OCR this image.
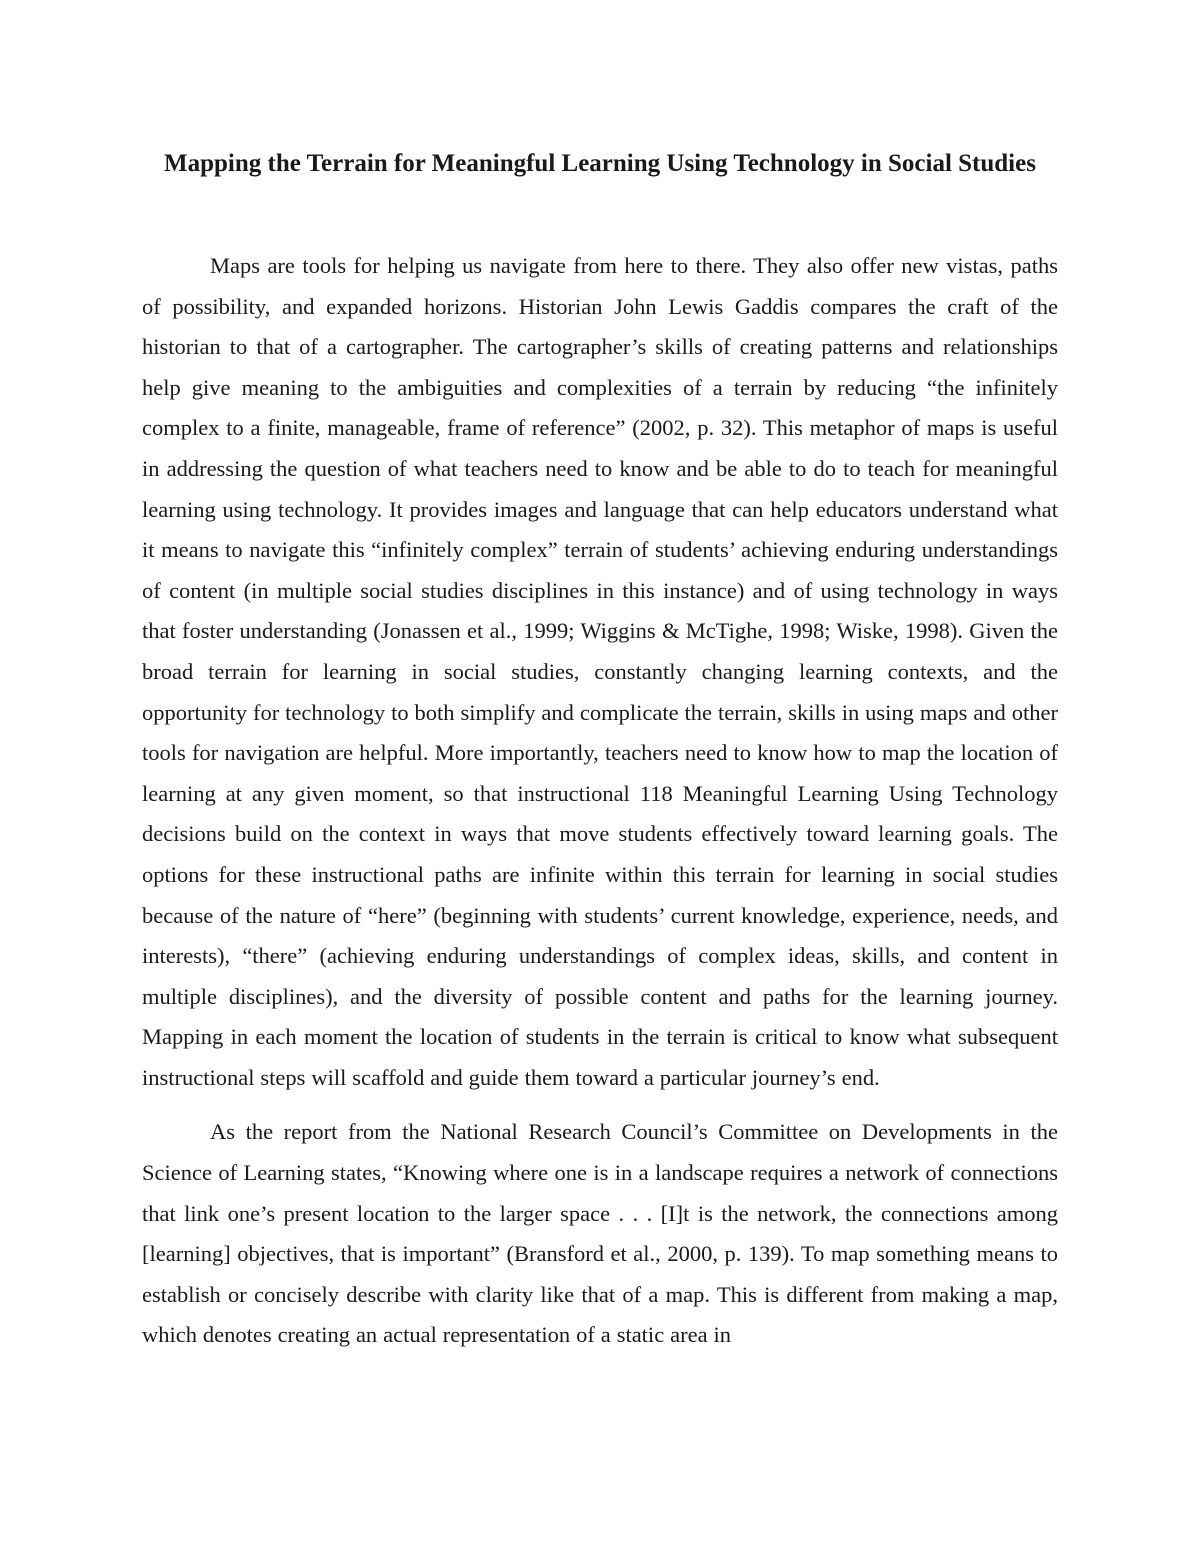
Mapping the Terrain for Meaningful Learning Using Technology in Social Studies

Maps are tools for helping us navigate from here to there. They also offer new vistas, paths of possibility, and expanded horizons. Historian John Lewis Gaddis compares the craft of the historian to that of a cartographer. The cartographer’s skills of creating patterns and relationships help give meaning to the ambiguities and complexities of a terrain by reducing “the infinitely complex to a finite, manageable, frame of reference” (2002, p. 32). This metaphor of maps is useful in addressing the question of what teachers need to know and be able to do to teach for meaningful learning using technology. It provides images and language that can help educators understand what it means to navigate this “infinitely complex” terrain of students’ achieving enduring understandings of content (in multiple social studies disciplines in this instance) and of using technology in ways that foster understanding (Jonassen et al., 1999; Wiggins & McTighe, 1998; Wiske, 1998). Given the broad terrain for learning in social studies, constantly changing learning contexts, and the opportunity for technology to both simplify and complicate the terrain, skills in using maps and other tools for navigation are helpful. More importantly, teachers need to know how to map the location of learning at any given moment, so that instructional 118 Meaningful Learning Using Technology decisions build on the context in ways that move students effectively toward learning goals. The options for these instructional paths are infinite within this terrain for learning in social studies because of the nature of “here” (beginning with students’ current knowledge, experience, needs, and interests), “there” (achieving enduring understandings of complex ideas, skills, and content in multiple disciplines), and the diversity of possible content and paths for the learning journey. Mapping in each moment the location of students in the terrain is critical to know what subsequent instructional steps will scaffold and guide them toward a particular journey’s end.

As the report from the National Research Council’s Committee on Developments in the Science of Learning states, “Knowing where one is in a landscape requires a network of connections that link one’s present location to the larger space . . . [I]t is the network, the connections among [learning] objectives, that is important” (Bransford et al., 2000, p. 139). To map something means to establish or concisely describe with clarity like that of a map. This is different from making a map, which denotes creating an actual representation of a static area in
